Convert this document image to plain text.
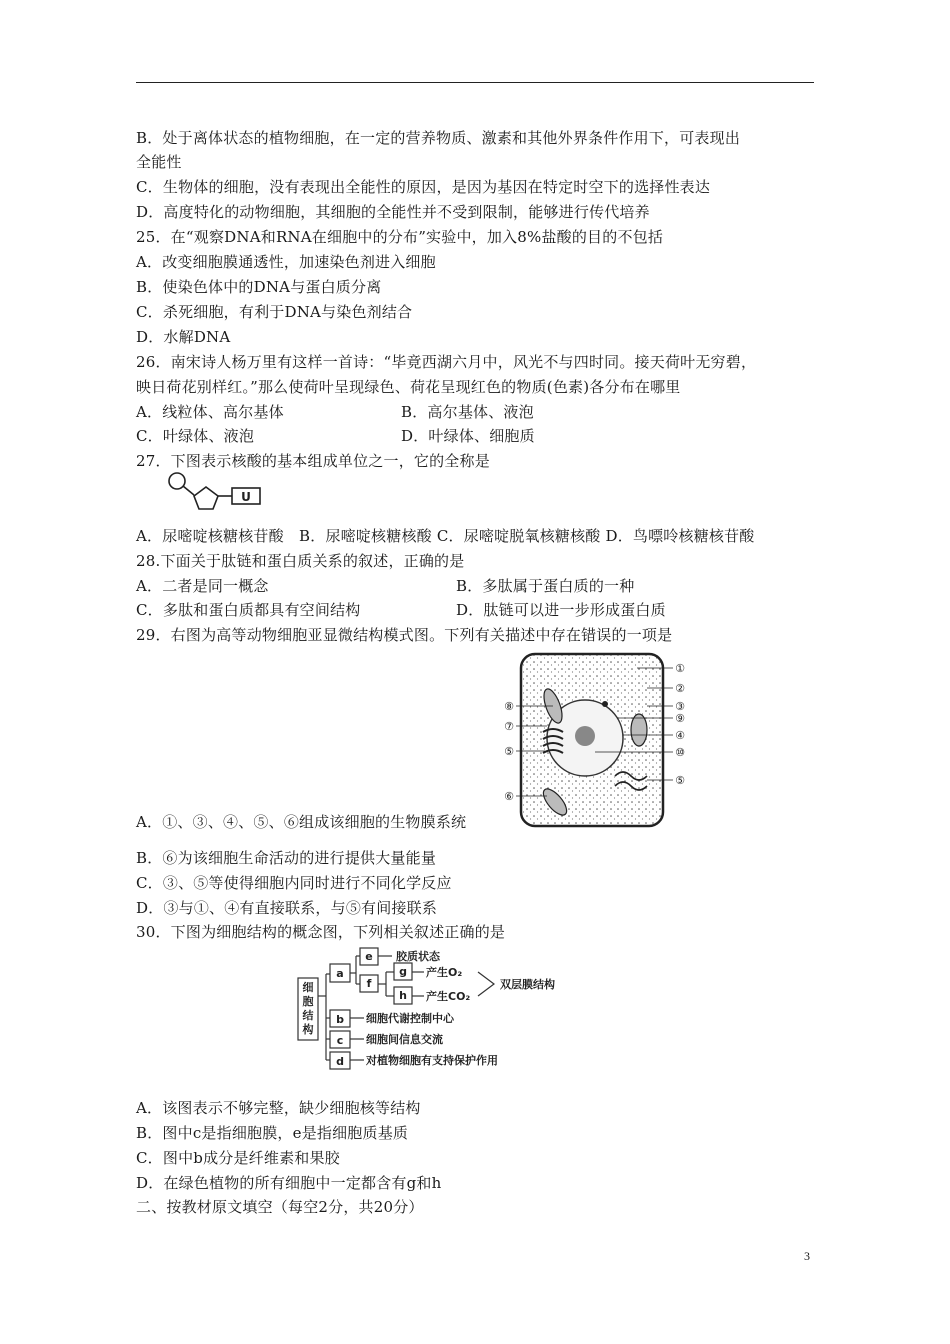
B．处于离体状态的植物细胞，在一定的营养物质、激素和其他外界条件作用下，可表现出
全能性
C．生物体的细胞，没有表现出全能性的原因，是因为基因在特定时空下的选择性表达
D．高度特化的动物细胞，其细胞的全能性并不受到限制，能够进行传代培养
25．在“观察DNA和RNA在细胞中的分布”实验中，加入8%盐酸的目的不包括
A．改变细胞膜通透性，加速染色剂进入细胞
B．使染色体中的DNA与蛋白质分离
C．杀死细胞，有利于DNA与染色剂结合
D．水解DNA
26．南宋诗人杨万里有这样一首诗：“毕竟西湖六月中，风光不与四时同。接天荷叶无穷碧，
映日荷花别样红。”那么使荷叶呈现绿色、荷花呈现红色的物质(色素)各分布在哪里
A．线粒体、高尔基体	B．高尔基体、液泡
C．叶绿体、液泡	D．叶绿体、细胞质
27．下图表示核酸的基本组成单位之一，它的全称是
U
A．尿嘧啶核糖核苷酸　B．尿嘧啶核糖核酸 C．尿嘧啶脱氧核糖核酸 D．鸟嘌呤核糖核苷酸
28.下面关于肽链和蛋白质关系的叙述，正确的是
A．二者是同一概念	B．多肽属于蛋白质的一种
C．多肽和蛋白质都具有空间结构	D．肽链可以进一步形成蛋白质
29．右图为高等动物细胞亚显微结构模式图。下列有关描述中存在错误的一项是
①
②
③
⑨
④
⑩
⑤
⑧
⑦
⑤
⑥
A．①、③、④、⑤、⑥组成该细胞的生物膜系统
B．⑥为该细胞生命活动的进行提供大量能量
C．③、⑤等使得细胞内同时进行不同化学反应
D．③与①、④有直接联系，与⑤有间接联系
30．下图为细胞结构的概念图，下列相关叙述正确的是
细
胞
结
构
a
e
f
g
h
b
c
d
胶质状态
产生O₂
产生CO₂
双层膜结构
细胞代谢控制中心
细胞间信息交流
对植物细胞有支持保护作用
A．该图表示不够完整，缺少细胞核等结构
B．图中c是指细胞膜，e是指细胞质基质
C．图中b成分是纤维素和果胶
D．在绿色植物的所有细胞中一定都含有g和h
二、按教材原文填空（每空2分，共20分）
3
